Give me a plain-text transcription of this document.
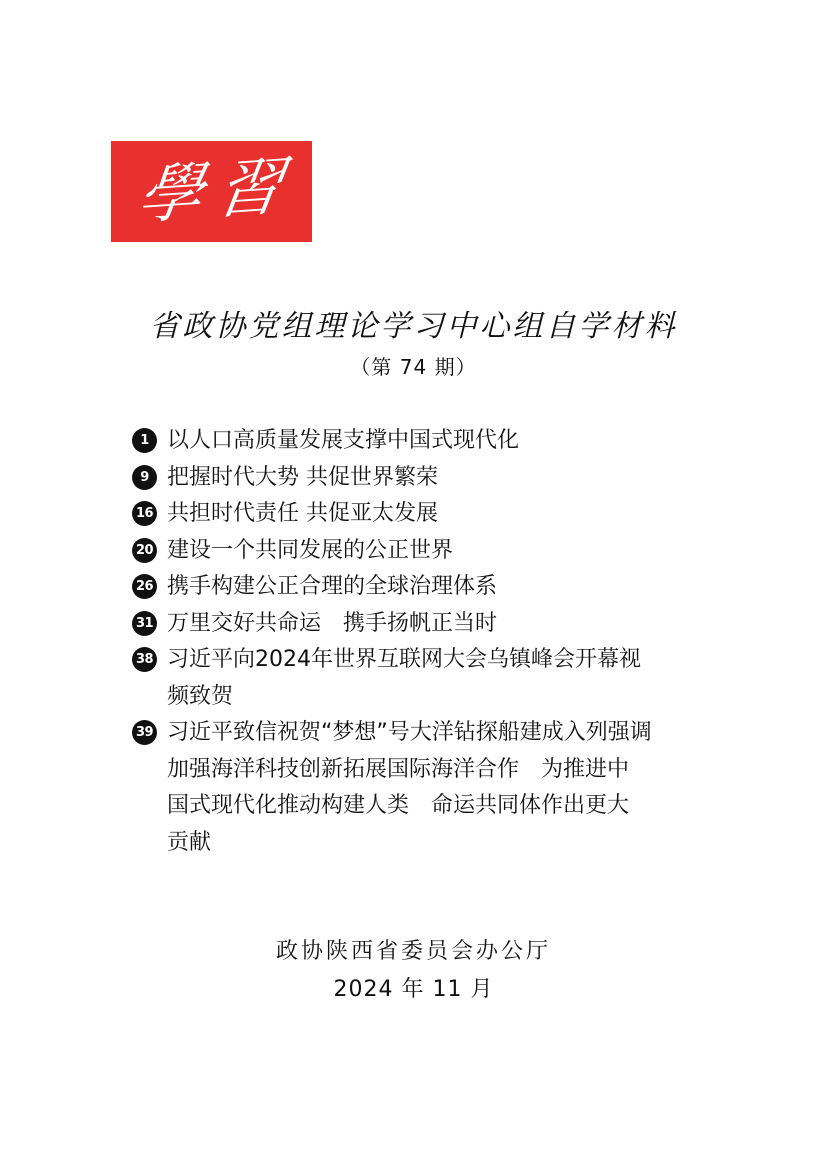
學習
省政协党组理论学习中心组自学材料
（第 74 期）
1 以人口高质量发展支撑中国式现代化
9 把握时代大势 共促世界繁荣
16 共担时代责任 共促亚太发展
20 建设一个共同发展的公正世界
26 携手构建公正合理的全球治理体系
31 万里交好共命运　携手扬帆正当时
38 习近平向2024年世界互联网大会乌镇峰会开幕视
频致贺
39 习近平致信祝贺“梦想”号大洋钻探船建成入列强调
加强海洋科技创新拓展国际海洋合作　为推进中
国式现代化推动构建人类　命运共同体作出更大
贡献
政协陕西省委员会办公厅
2024 年 11 月
